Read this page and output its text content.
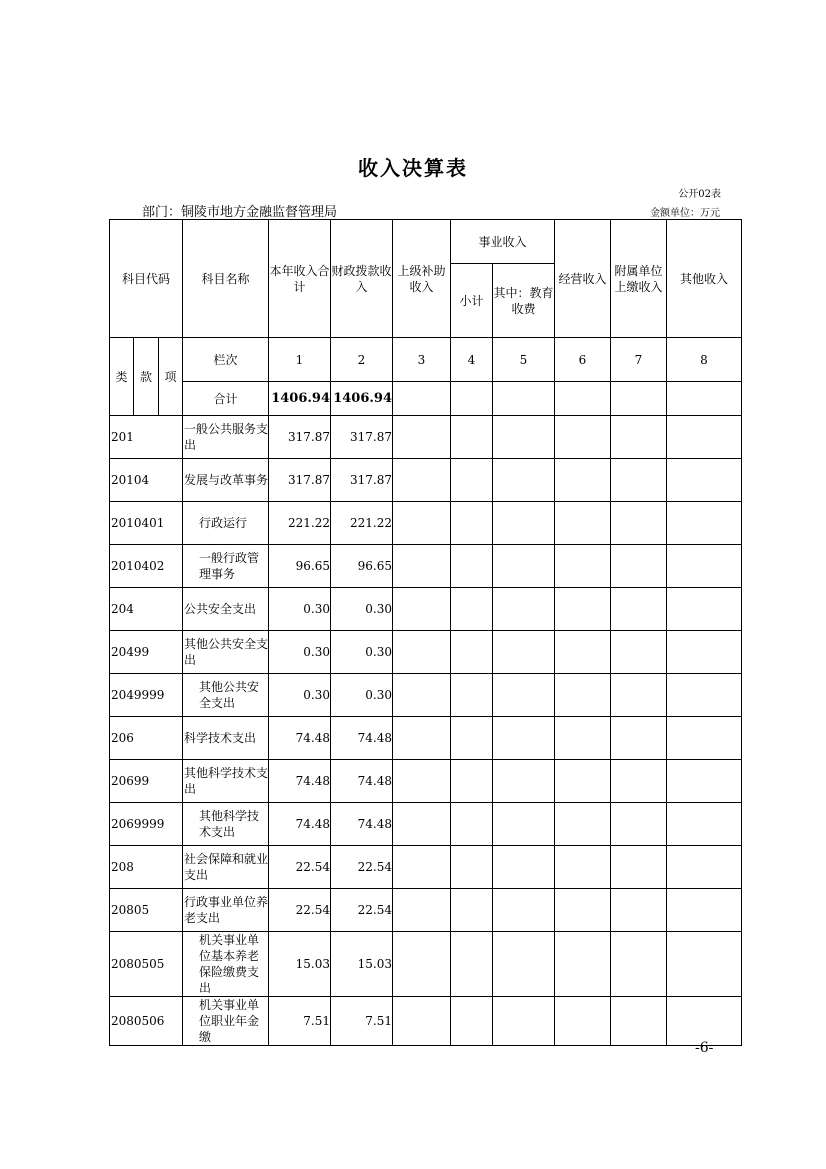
收入决算表
公开02表
部门：铜陵市地方金融监督管理局	金额单位：万元
科目代码			科目名称	本年收入合计	财政拨款收入	上级补助收入	事业收入		经营收入	附属单位上缴收入	其他收入
							小计	其中：教育收费			
类	款	项	栏次	1	2	3	4	5	6	7	8
			合计	1406.94	1406.94						
201			一般公共服务支出	317.87	317.87						
20104			发展与改革事务	317.87	317.87						
2010401			行政运行	221.22	221.22						
2010402			一般行政管理事务	96.65	96.65						
204			公共安全支出	0.30	0.30						
20499			其他公共安全支出	0.30	0.30						
2049999			其他公共安全支出	0.30	0.30						
206			科学技术支出	74.48	74.48						
20699			其他科学技术支出	74.48	74.48						
2069999			其他科学技术支出	74.48	74.48						
208			社会保障和就业支出	22.54	22.54						
20805			行政事业单位养老支出	22.54	22.54						
2080505			机关事业单位基本养老保险缴费支出	15.03	15.03						
2080506			机关事业单位职业年金缴	7.51	7.51						
-6-
